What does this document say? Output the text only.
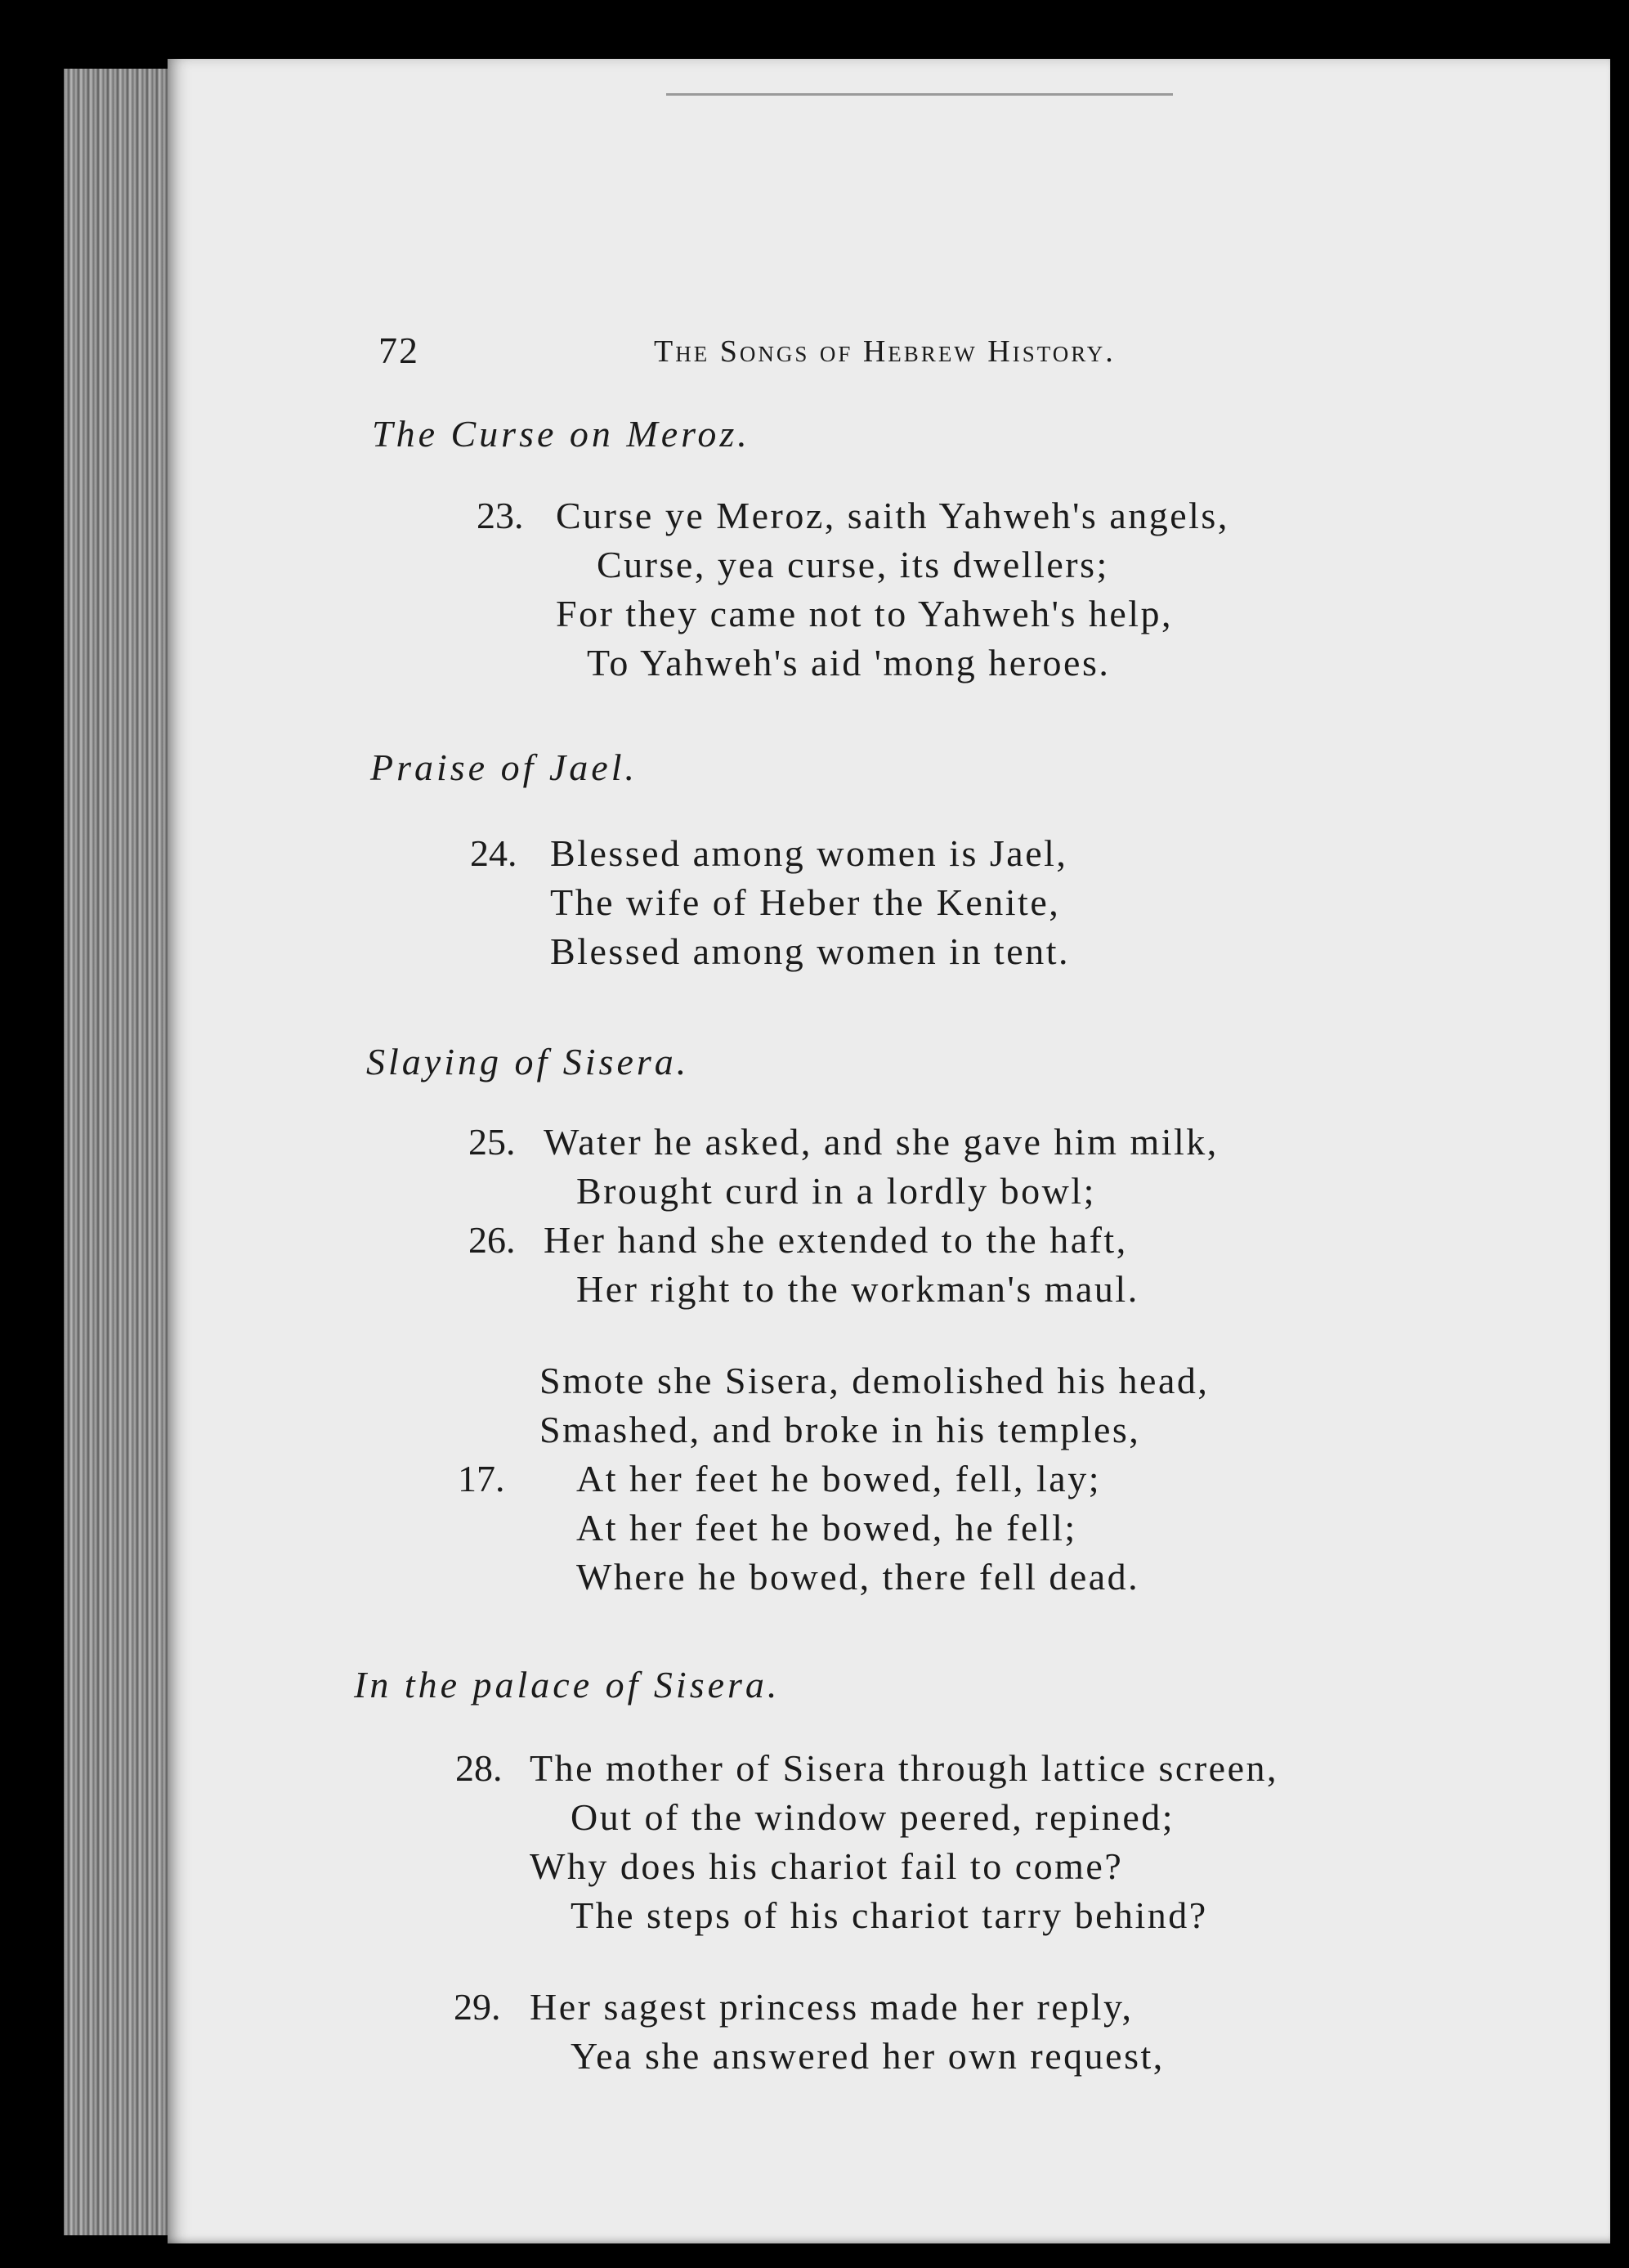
72	The Songs of Hebrew History.
The Curse on Meroz.
23. Curse ye Meroz, saith Yahweh's angels,
Curse, yea curse, its dwellers;
For they came not to Yahweh's help,
To Yahweh's aid 'mong heroes.
Praise of Jael.
24. Blessed among women is Jael,
The wife of Heber the Kenite,
Blessed among women in tent.
Slaying of Sisera.
25. Water he asked, and she gave him milk,
Brought curd in a lordly bowl;
26. Her hand she extended to the haft,
Her right to the workman's maul.
Smote she Sisera, demolished his head,
Smashed, and broke in his temples,
17. At her feet he bowed, fell, lay;
At her feet he bowed, he fell;
Where he bowed, there fell dead.
In the palace of Sisera.
28. The mother of Sisera through lattice screen,
Out of the window peered, repined;
Why does his chariot fail to come?
The steps of his chariot tarry behind?
29. Her sagest princess made her reply,
Yea she answered her own request,
